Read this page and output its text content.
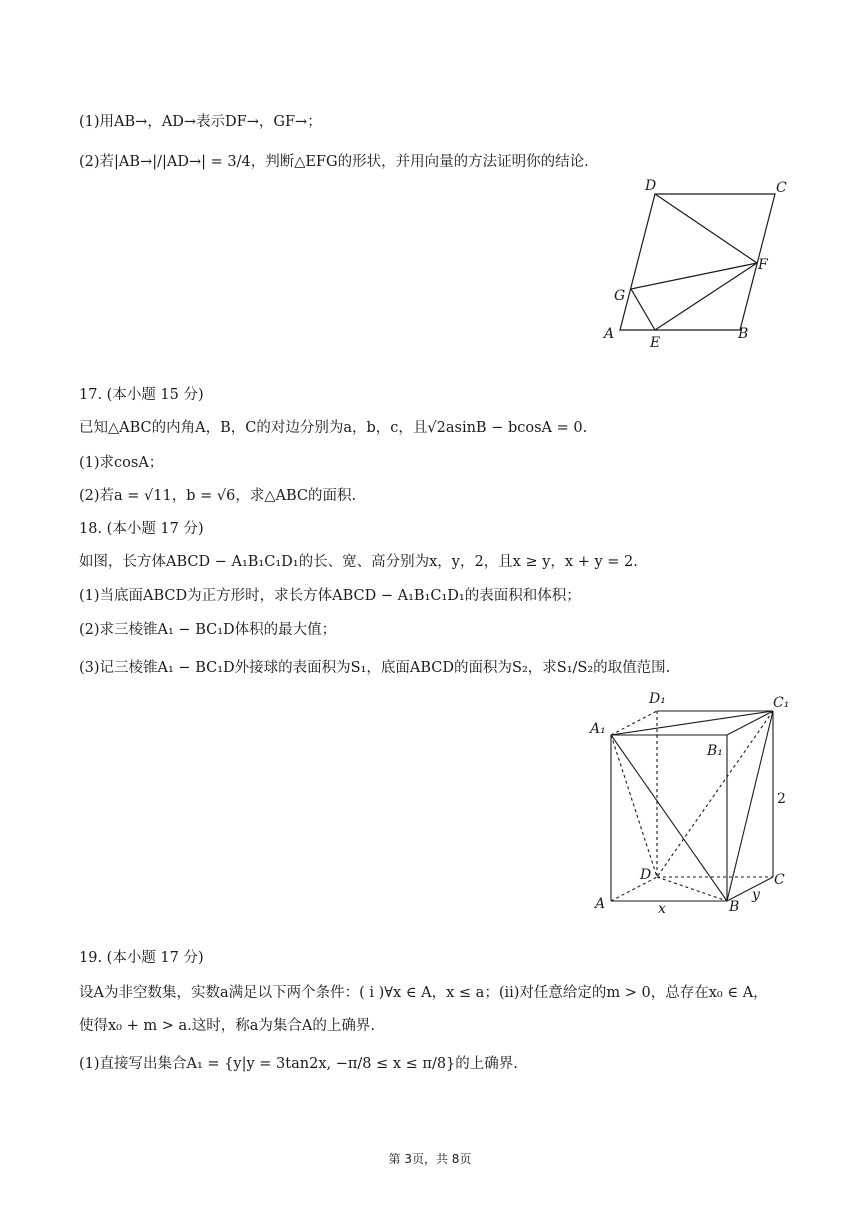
(1)用AB→，AD→表示DF→，GF→；
(2)若|AB→|/|AD→| = 3/4，判断△EFG的形状，并用向量的方法证明你的结论.
D	C
F
G
A
E
B
17. (本小题 15 分)
已知△ABC的内角A，B，C的对边分别为a，b，c，且√2asinB − bcosA = 0.
(1)求cosA；
(2)若a = √11，b = √6，求△ABC的面积.
18. (本小题 17 分)
如图，长方体ABCD − A₁B₁C₁D₁的长、宽、高分别为x，y，2，且x ≥ y，x + y = 2.
(1)当底面ABCD为正方形时，求长方体ABCD − A₁B₁C₁D₁的表面积和体积；
(2)求三棱锥A₁ − BC₁D体积的最大值；
(3)记三棱锥A₁ − BC₁D外接球的表面积为S₁，底面ABCD的面积为S₂，求S₁/S₂的取值范围.
D₁	C₁
A₁
B₁
2
D	C
y
A	x	B
19. (本小题 17 分)
设A为非空数集，实数a满足以下两个条件：( i )∀x ∈ A，x ≤ a；(ii)对任意给定的m > 0，总存在x₀ ∈ A，
使得x₀ + m > a.这时，称a为集合A的上确界.
(1)直接写出集合A₁ = {y|y = 3tan2x, −π/8 ≤ x ≤ π/8}的上确界.
第 3页，共 8页
